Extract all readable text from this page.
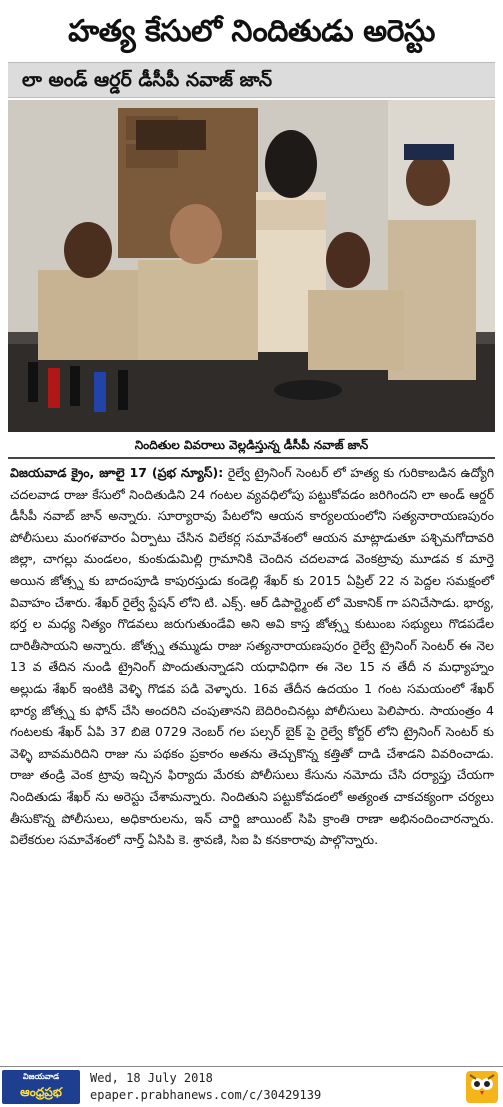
హత్య కేసులో నిందితుడు అరెస్టు
లా అండ్ ఆర్డర్ డీసీపీ నవాజ్ జాన్
నిందితుల వివరాలు వెల్లడిస్తున్న డీసీపీ నవాజ్ జాన్
విజయవాడ క్రైం, జూలై 17 (ప్రభ న్యూస్): రైల్వే ట్రైనింగ్ సెంటర్ లో హత్య కు గురికాబడిన ఉద్యోగి చదలవాడ రాజు కేసులో నిందితుడిని 24 గంటల వ్యవధిలోపు పట్టుకోవడం జరిగిందని లా అండ్ ఆర్డర్ డీసీపీ నవాబ్ జాన్ అన్నారు. సూర్యారావు పేటలోని ఆయన కార్యలయంలోని సత్యనారాయణపురం పోలీసులు మంగళవారం ఏర్పాటు చేసిన విలేకర్ల సమావేశంలో ఆయన మాట్లాడుతూ పశ్చిమగోదావరి జిల్లా, చాగల్లు మండలం, కుంకుడుమిల్లి గ్రామానికి చెందిన చదలవాడ వెంకట్రావు మూడవ క మార్తె అయిన జోత్స్న కు బాదంపూడి కాపురస్తుడు కండెల్లి శేఖర్ కు 2015 ఏప్రిల్ 22 న పెద్దల సమక్షంలో వివాహం చేశారు. శేఖర్ రైల్వే స్టేషన్ లోని టి. ఎక్స్. ఆర్ డిపార్ట్మెంట్ లో మెకానిక్ గా పనిచేసాడు. భార్య, భర్త ల మధ్య నిత్యం గొడవలు జరుగుతుండేవి అని అవి కాస్త జోత్స్న కుటుంబ సభ్యులు గొడపడేల దారితీసాయని అన్నారు. జోత్స్న తమ్ముడు రాజు సత్యనారాయణపురం రైల్వే ట్రైనింగ్ సెంటర్ ఈ నెల 13 వ తేదిన నుండి ట్రైనింగ్ పొందుతున్నాడని యధావిధిగా ఈ నెల 15 న తేదీ న మధ్యాహ్నం అల్లుడు శేఖర్ ఇంటికి వెళ్ళి గొడవ పడి వెళ్ళారు. 16వ తేదీన ఉదయం 1 గంట సమయంలో శేఖర్ భార్య జోత్స్న కు ఫోన్ చేసి అందరిని చంపుతానని బెదిరించినట్లు పోలీసులు పెలిపారు. సాయంత్రం 4 గంటలకు శేఖర్ ఏపి 37 బిజె 0729 నెంబర్ గల పల్సర్ బైక్ పై రైల్వే కోర్టర్ లోని ట్రైనింగ్ సెంటర్ కు వెళ్ళి బావమరిదిని రాజు ను పథకం ప్రకారం అతను తెచ్చుకొన్న కత్తితో దాడి చేశాడని వివరించాడు. రాజు తండ్రి వెంక ట్రావు ఇచ్చిన ఫిర్యాదు మేరకు పోలీసులు కేసును నమోదు చేసి దర్యాప్తు చేయగా నిందితుడు శేఖర్ ను అరెస్టు చేశామన్నారు. నిందితుని పట్టుకోవడంలో అత్యంత చాకచక్యంగా చర్యలు తీసుకొన్న పోలీసులు, అధికారులను, ఇన్ చార్జి జాయింట్ సిపి క్రాంతి రాణా అభినందించారన్నారు. విలేకరుల సమావేశంలో నార్త్ ఏసిపి కె. శ్రావణి, సిఐ పి కనకారావు పాల్గొన్నారు.
విజయవాడ
ఆంధ్రప్రభ
Wed, 18 July 2018
epaper.prabhanews.com/c/30429139
